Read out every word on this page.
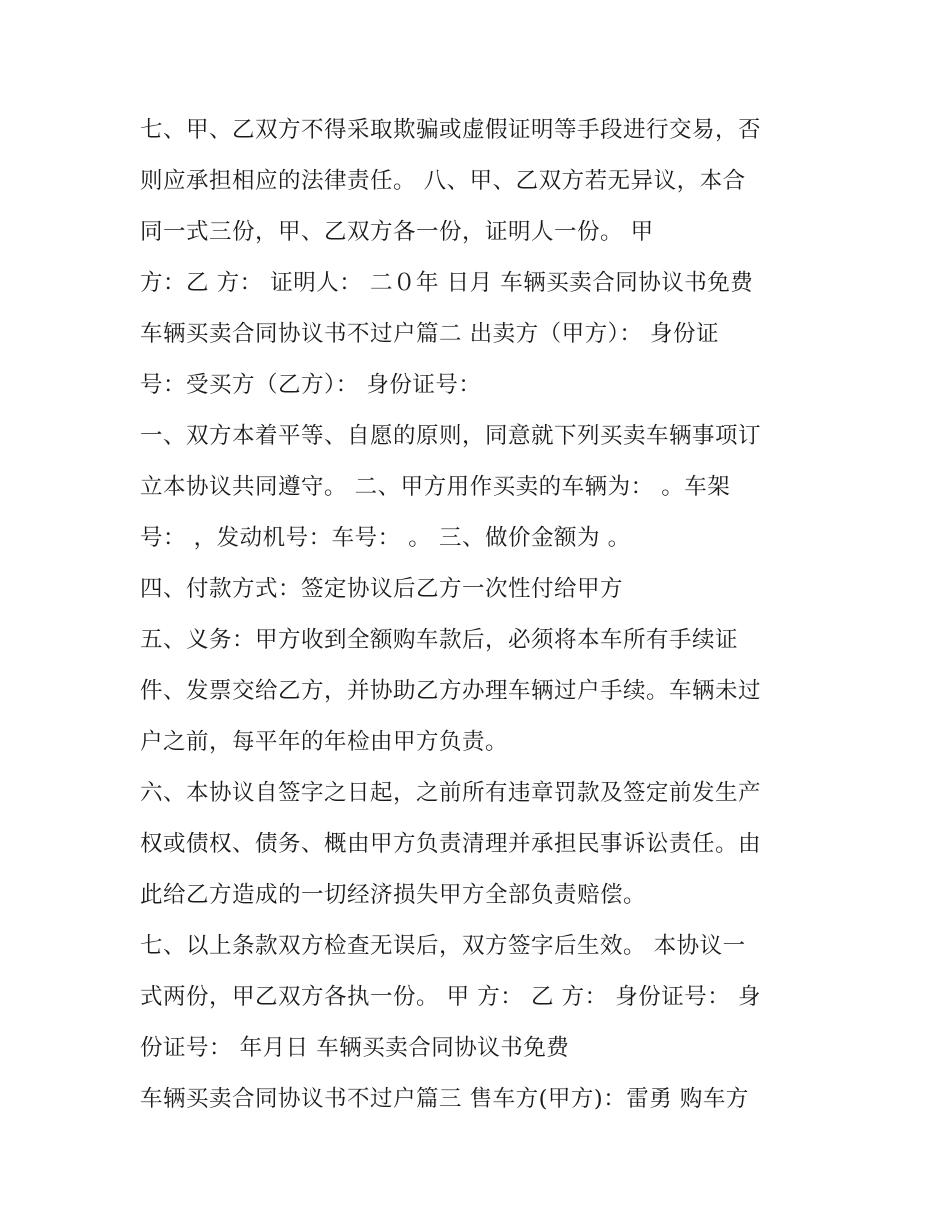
七、甲、乙双方不得采取欺骗或虚假证明等手段进行交易，否
则应承担相应的法律责任。 八、甲、乙双方若无异议，本合
同一式三份，甲、乙双方各一份，证明人一份。 甲
方：乙 方： 证明人： 二０年 日月 车辆买卖合同协议书免费
车辆买卖合同协议书不过户篇二 出卖方（甲方）： 身份证
号：受买方（乙方）： 身份证号：
一、双方本着平等、自愿的原则，同意就下列买卖车辆事项订
立本协议共同遵守。 二、甲方用作买卖的车辆为： 。车架
号： ，发动机号：车号： 。 三、做价金额为 。
四、付款方式：签定协议后乙方一次性付给甲方
五、义务：甲方收到全额购车款后，必须将本车所有手续证
件、发票交给乙方，并协助乙方办理车辆过户手续。车辆未过
户之前，每平年的年检由甲方负责。
六、本协议自签字之日起，之前所有违章罚款及签定前发生产
权或债权、债务、概由甲方负责清理并承担民事诉讼责任。由
此给乙方造成的一切经济损失甲方全部负责赔偿。
七、以上条款双方检查无误后，双方签字后生效。 本协议一
式两份，甲乙双方各执一份。 甲 方： 乙 方： 身份证号： 身
份证号： 年月日 车辆买卖合同协议书免费
车辆买卖合同协议书不过户篇三 售车方(甲方)：雷勇 购车方
